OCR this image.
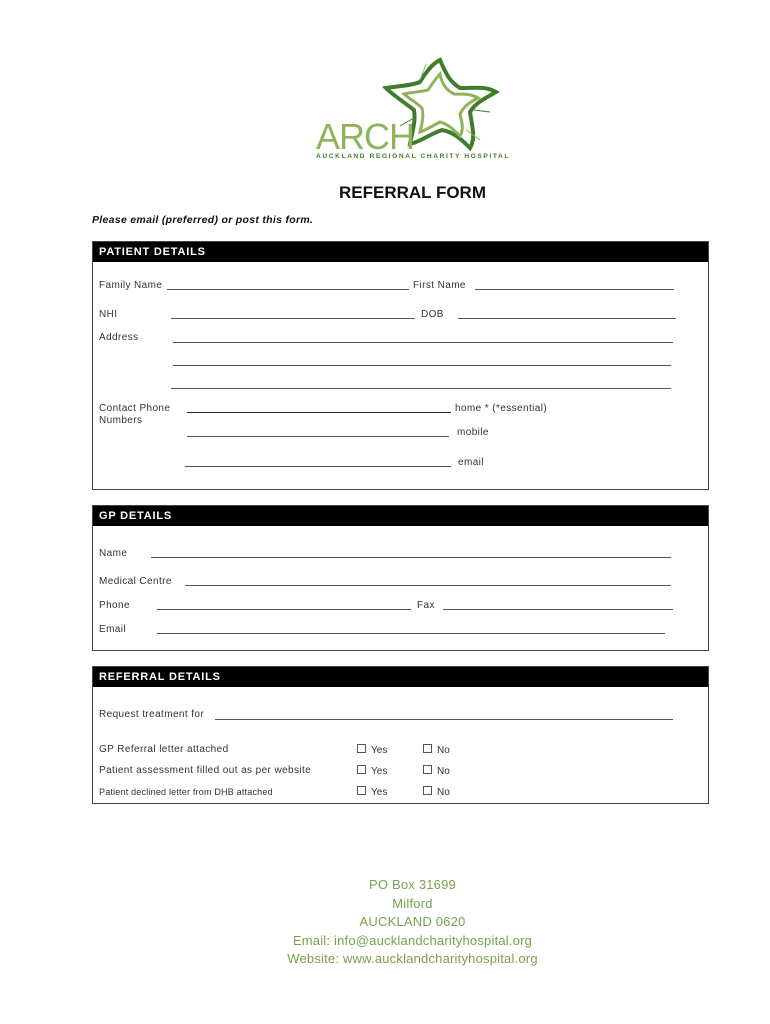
ARCH
AUCKLAND REGIONAL CHARITY HOSPITAL
REFERRAL FORM
Please email (preferred) or post this form.
PATIENT DETAILS
Family Name	First Name
NHI	DOB
Address
Contact Phone
Numbers
home * (*essential)
mobile
email
GP DETAILS
Name
Medical Centre
Phone	Fax
Email
REFERRAL DETAILS
Request treatment for
GP Referral letter attached	Yes	No
Patient assessment filled out as per website	Yes	No
Patient declined letter from DHB attached	Yes	No
PO Box 31699
Milford
AUCKLAND 0620
Email: info@aucklandcharityhospital.org
Website: www.aucklandcharityhospital.org
